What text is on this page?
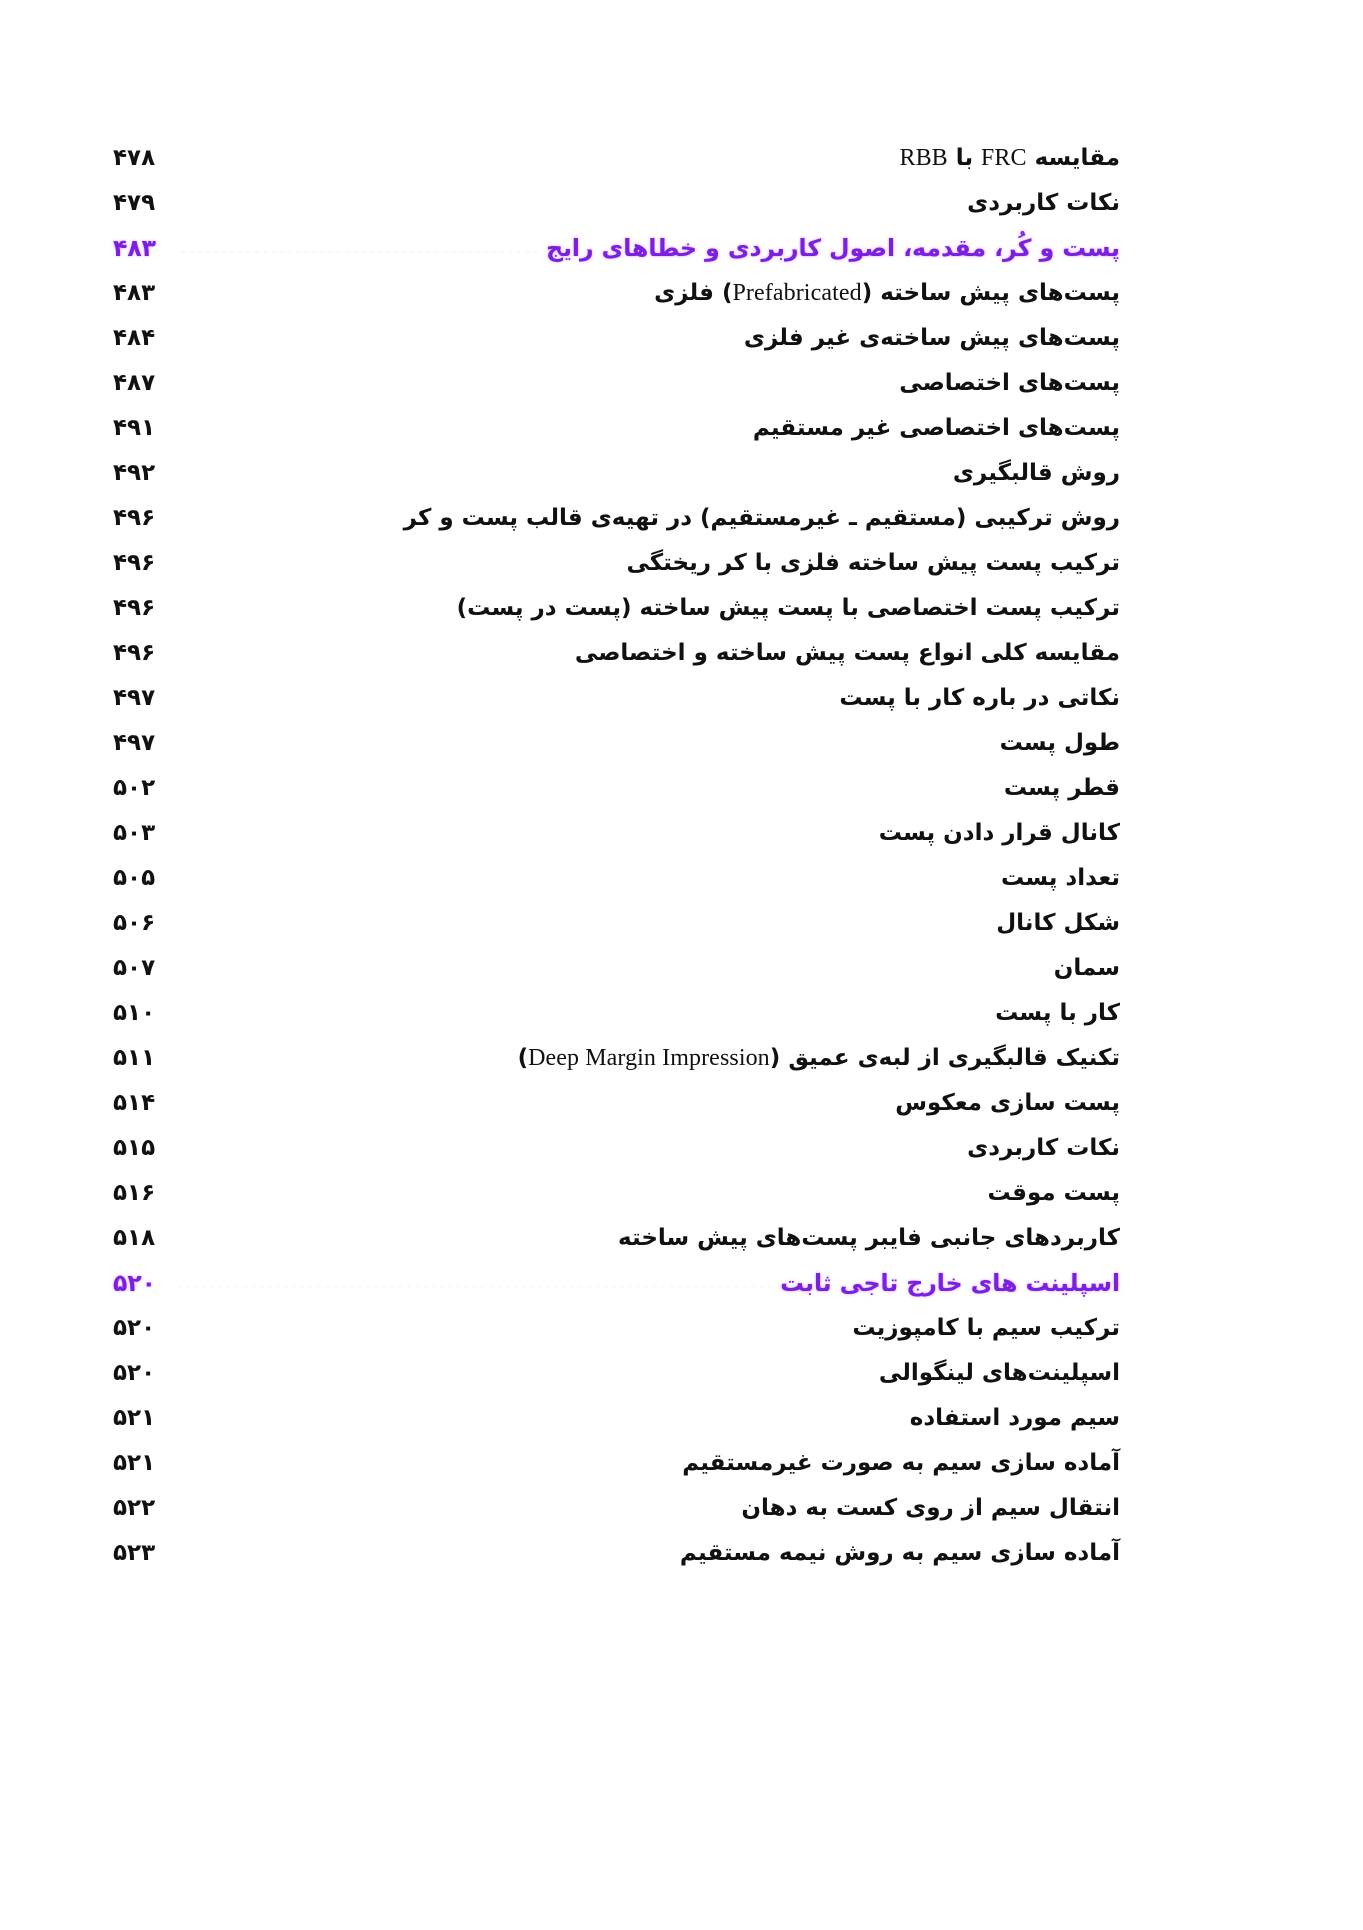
مقایسه FRC با RBB
.....
۴۷۸
نکات کاربردی
.....
۴۷۹
پست و کُر، مقدمه، اصول کاربردی و خطاهای رایج
.....
۴۸۳
پست‌های پیش ساخته (Prefabricated) فلزی
.....
۴۸۳
پست‌های پیش ساخته‌ی غیر فلزی
.....
۴۸۴
پست‌های اختصاصی
.....
۴۸۷
پست‌های اختصاصی غیر مستقیم
.....
۴۹۱
روش قالبگیری
.....
۴۹۲
روش ترکیبی (مستقیم ـ غیرمستقیم) در تهیه‌ی قالب پست و کر
.....
۴۹۶
ترکیب پست پیش ساخته فلزی با کر ریختگی
.....
۴۹۶
ترکیب پست اختصاصی با پست پیش ساخته (پست در پست)
.....
۴۹۶
مقایسه کلی انواع پست پیش ساخته و اختصاصی
.....
۴۹۶
نکاتی در باره کار با پست
.....
۴۹۷
طول پست
.....
۴۹۷
قطر پست
.....
۵۰۲
کانال قرار دادن پست
.....
۵۰۳
تعداد پست
.....
۵۰۵
شکل کانال
.....
۵۰۶
سمان
.....
۵۰۷
کار با پست
.....
۵۱۰
تکنیک قالبگیری از لبه‌ی عمیق (Deep Margin Impression)
.....
۵۱۱
پست سازی معکوس
.....
۵۱۴
نکات کاربردی
.....
۵۱۵
پست موقت
.....
۵۱۶
کاربردهای جانبی فایبر پست‌های پیش ساخته
.....
۵۱۸
اسپلینت های خارج تاجی ثابت
.....
۵۲۰
ترکیب سیم با کامپوزیت
.....
۵۲۰
اسپلینت‌های لینگوالی
.....
۵۲۰
سیم مورد استفاده
.....
۵۲۱
آماده سازی سیم به صورت غیرمستقیم
.....
۵۲۱
انتقال سیم از روی کست به دهان
.....
۵۲۲
آماده سازی سیم به روش نیمه مستقیم
.....
۵۲۳
